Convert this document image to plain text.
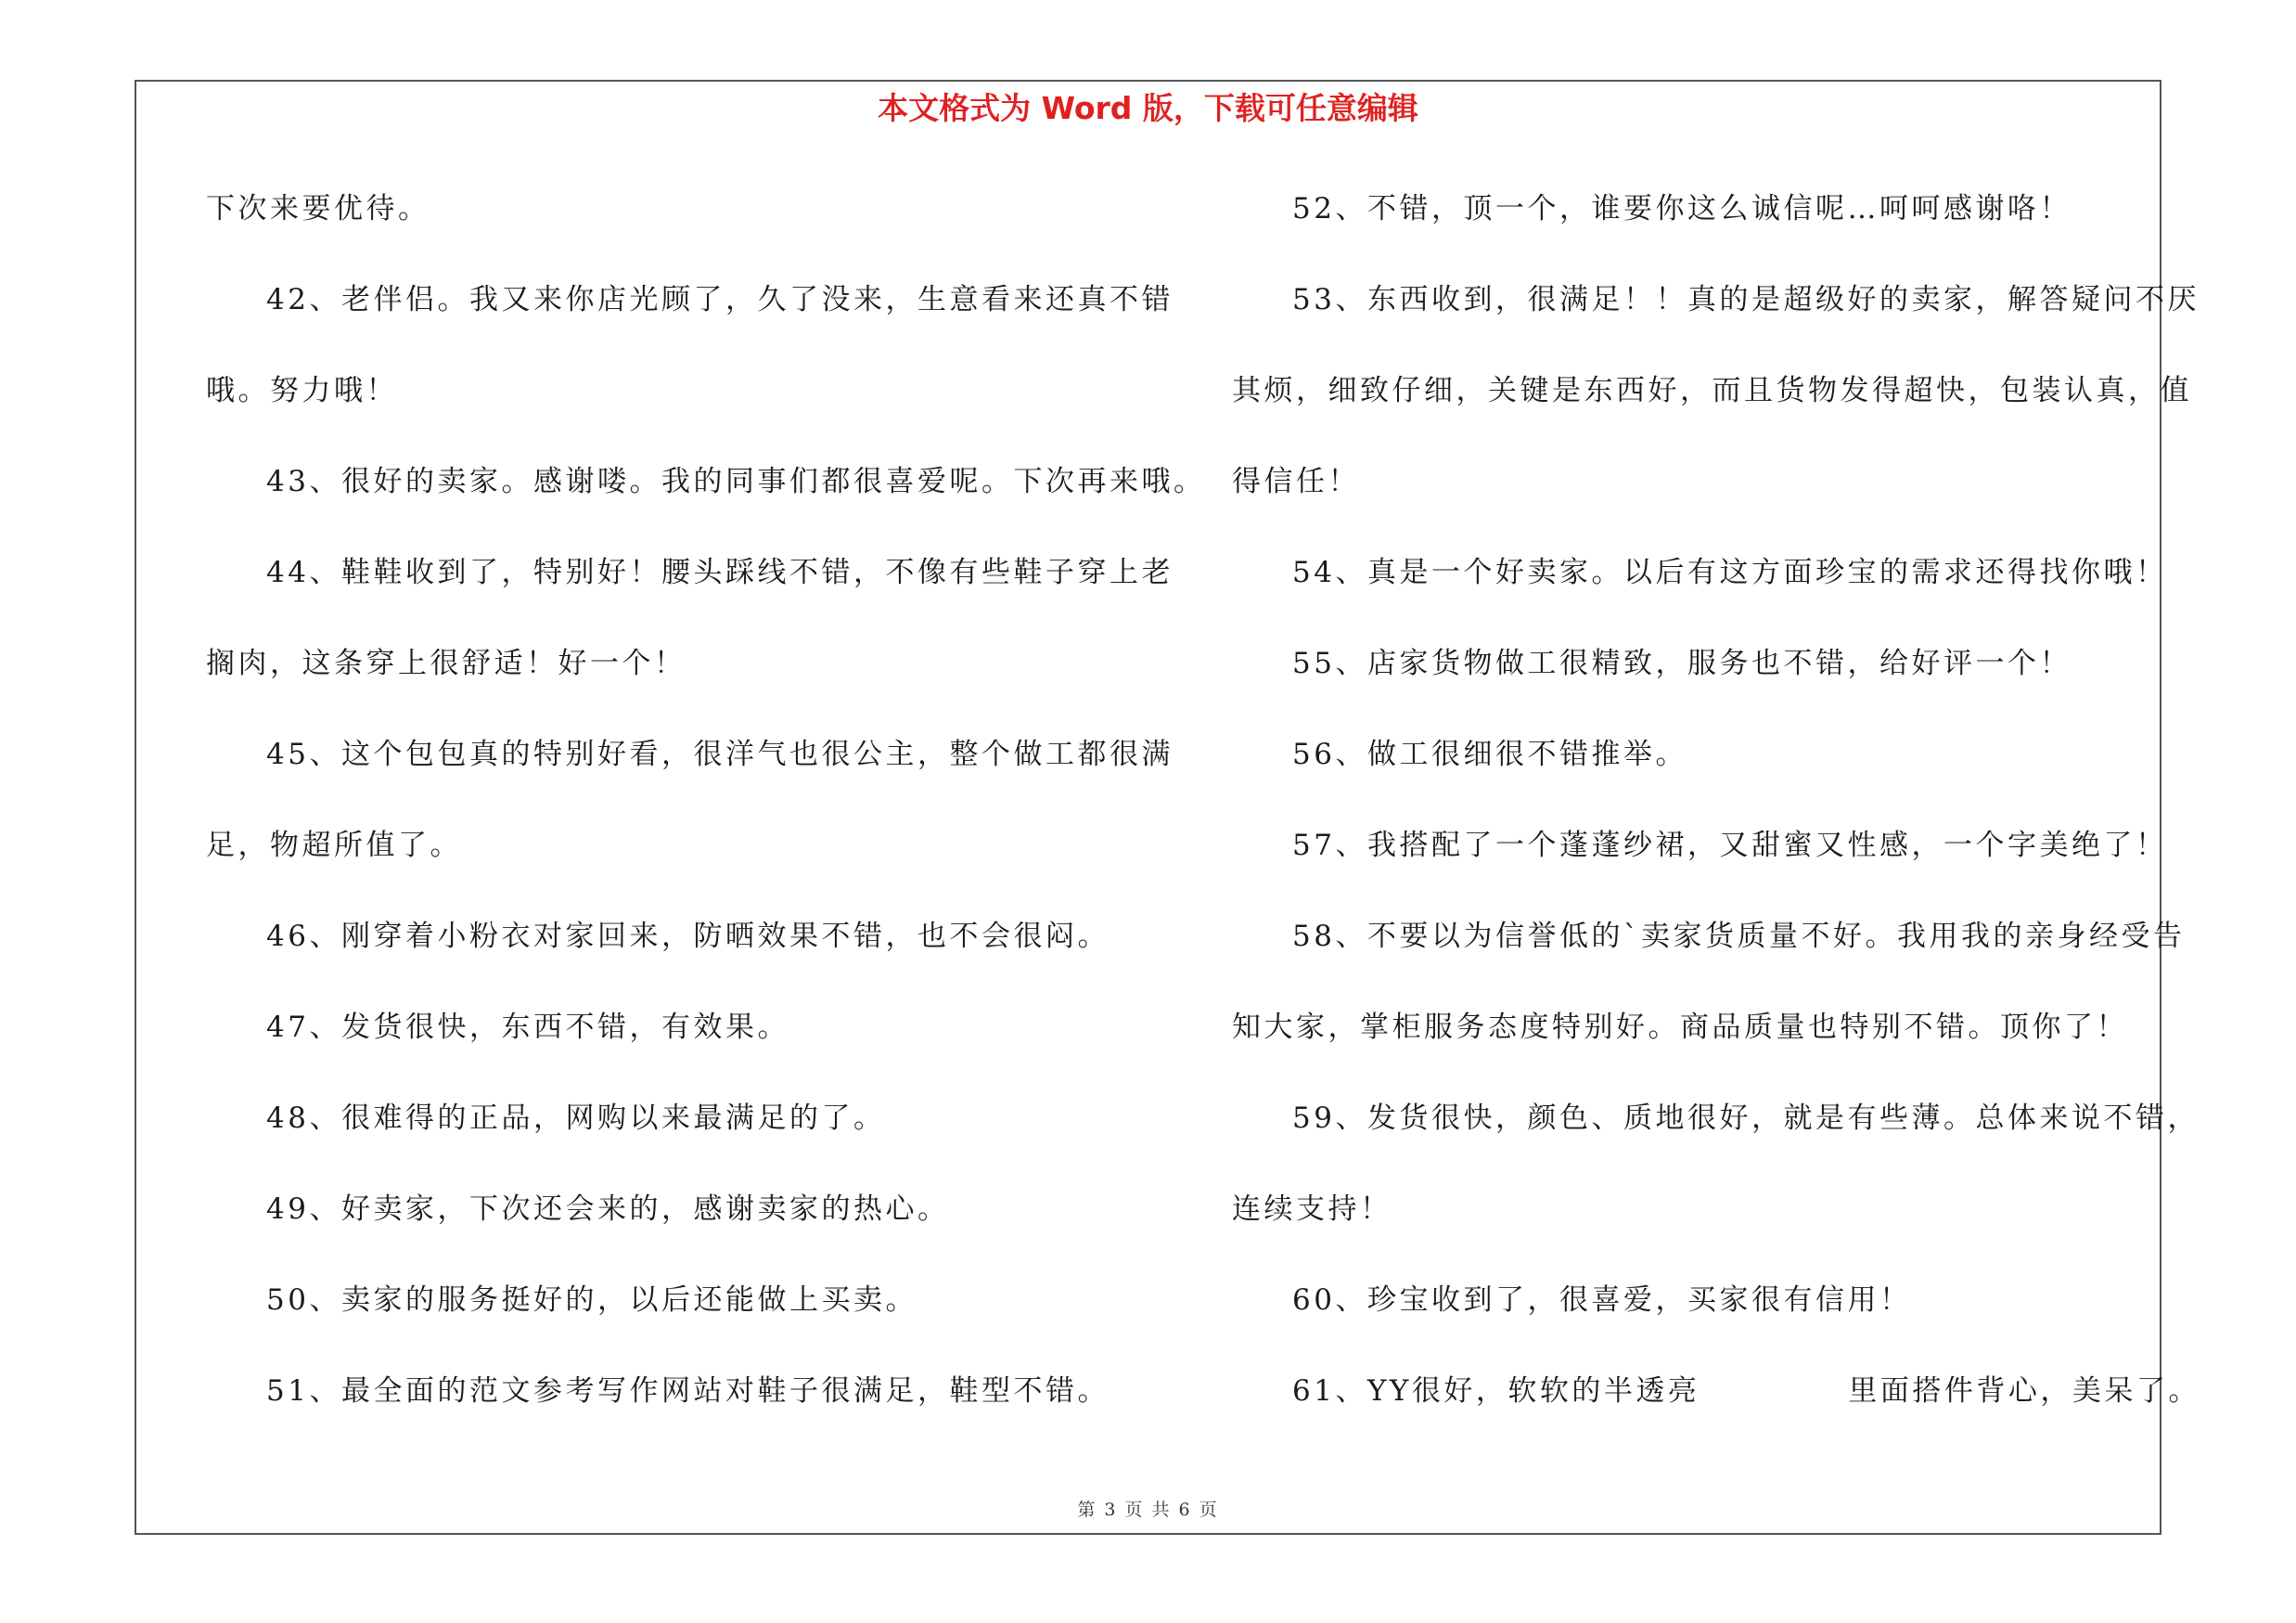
本文格式为 Word 版，下载可任意编辑
下次来要优待。
42、老伴侣。我又来你店光顾了，久了没来，生意看来还真不错
哦。努力哦！
43、很好的卖家。感谢喽。我的同事们都很喜爱呢。下次再来哦。
44、鞋鞋收到了，特别好！腰头踩线不错，不像有些鞋子穿上老
搁肉，这条穿上很舒适！好一个！
45、这个包包真的特别好看，很洋气也很公主，整个做工都很满
足，物超所值了。
46、刚穿着小粉衣对家回来，防晒效果不错，也不会很闷。
47、发货很快，东西不错，有效果。
48、很难得的正品，网购以来最满足的了。
49、好卖家，下次还会来的，感谢卖家的热心。
50、卖家的服务挺好的，以后还能做上买卖。
51、最全面的范文参考写作网站对鞋子很满足，鞋型不错。
52、不错，顶一个，谁要你这么诚信呢…呵呵感谢咯！
53、东西收到，很满足！！真的是超级好的卖家，解答疑问不厌
其烦，细致仔细，关键是东西好，而且货物发得超快，包装认真，值
得信任！
54、真是一个好卖家。以后有这方面珍宝的需求还得找你哦！
55、店家货物做工很精致，服务也不错，给好评一个！
56、做工很细很不错推举。
57、我搭配了一个蓬蓬纱裙，又甜蜜又性感，一个字美绝了！
58、不要以为信誉低的`卖家货质量不好。我用我的亲身经受告
知大家，掌柜服务态度特别好。商品质量也特别不错。顶你了！
59、发货很快，颜色、质地很好，就是有些薄。总体来说不错，
连续支持！
60、珍宝收到了，很喜爱，买家很有信用！
61、YY很好，软软的半透亮	里面搭件背心，美呆了。
第 3 页 共 6 页
